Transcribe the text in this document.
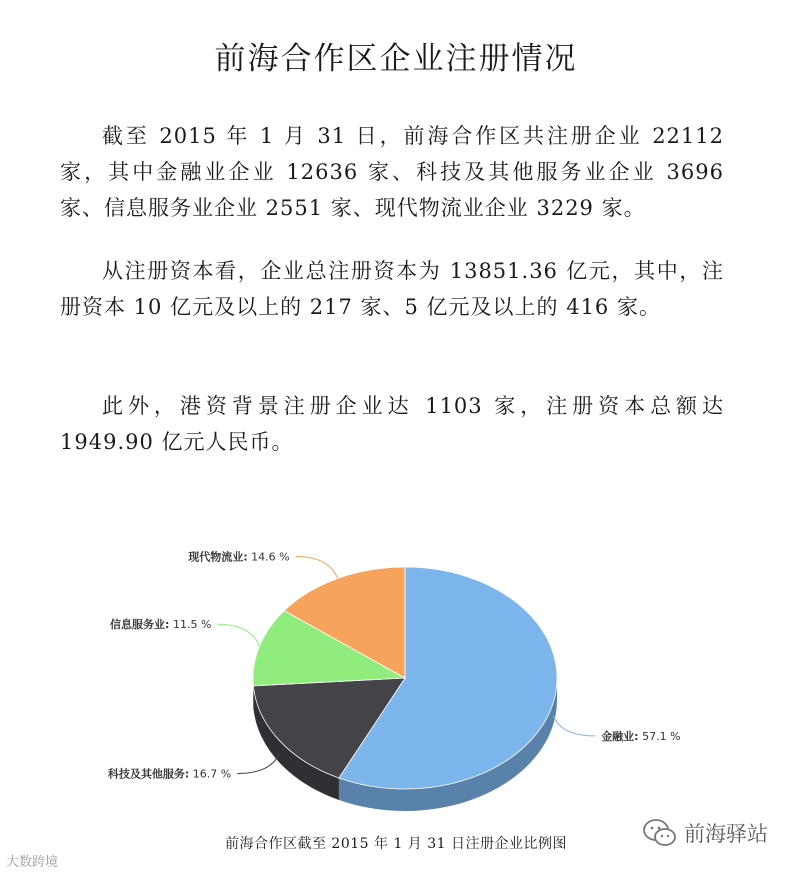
前海合作区企业注册情况

截至 2015 年 1 月 31 日，前海合作区共注册企业 22112 家，其中金融业企业 12636 家、科技及其他服务业企业 3696 家、信息服务业企业 2551 家、现代物流业企业 3229 家。

从注册资本看，企业总注册资本为 13851.36 亿元，其中，注册资本 10 亿元及以上的 217 家、5 亿元及以上的 416 家。

此外，港资背景注册企业达 1103 家，注册资本总额达 1949.90 亿元人民币。

金融业: 57.1 %
科技及其他服务: 16.7 %
信息服务业: 11.5 %
现代物流业: 14.6 %
前海合作区截至 2015 年 1 月 31 日注册企业比例图	前海驿站
大数跨境
